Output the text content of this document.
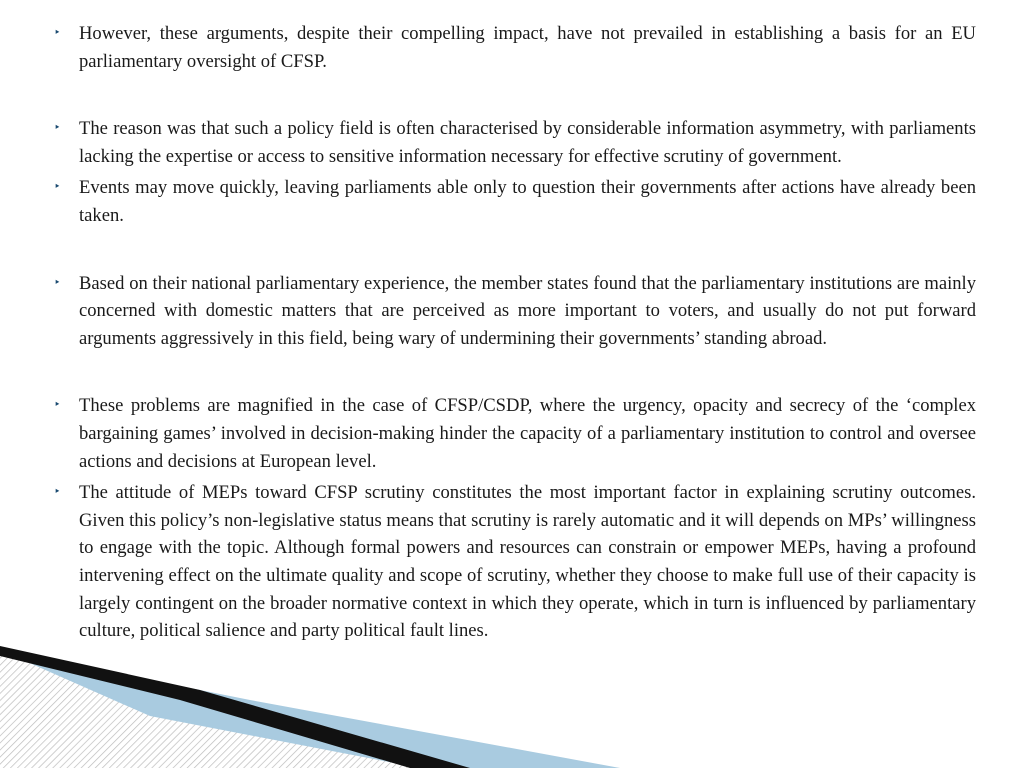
‣ However, these arguments, despite their compelling impact, have not prevailed in establishing a basis for an EU parliamentary oversight of CFSP.
‣ The reason was that such a policy field is often characterised by considerable information asymmetry, with parliaments lacking the expertise or access to sensitive information necessary for effective scrutiny of government.
‣ Events may move quickly, leaving parliaments able only to question their governments after actions have already been taken.
‣ Based on their national parliamentary experience, the member states found that the parliamentary institutions are mainly concerned with domestic matters that are perceived as more important to voters, and usually do not put forward arguments aggressively in this field, being wary of undermining their governments’ standing abroad.
‣ These problems are magnified in the case of CFSP/CSDP, where the urgency, opacity and secrecy of the ‘complex bargaining games’ involved in decision-making hinder the capacity of a parliamentary institution to control and oversee actions and decisions at European level.
‣ The attitude of MEPs toward CFSP scrutiny constitutes the most important factor in explaining scrutiny outcomes. Given this policy’s non-legislative status means that scrutiny is rarely automatic and it will depends on MPs’ willingness to engage with the topic. Although formal powers and resources can constrain or empower MEPs, having a profound intervening effect on the ultimate quality and scope of scrutiny, whether they choose to make full use of their capacity is largely contingent on the broader normative context in which they operate, which in turn is influenced by parliamentary culture, political salience and party political fault lines.
